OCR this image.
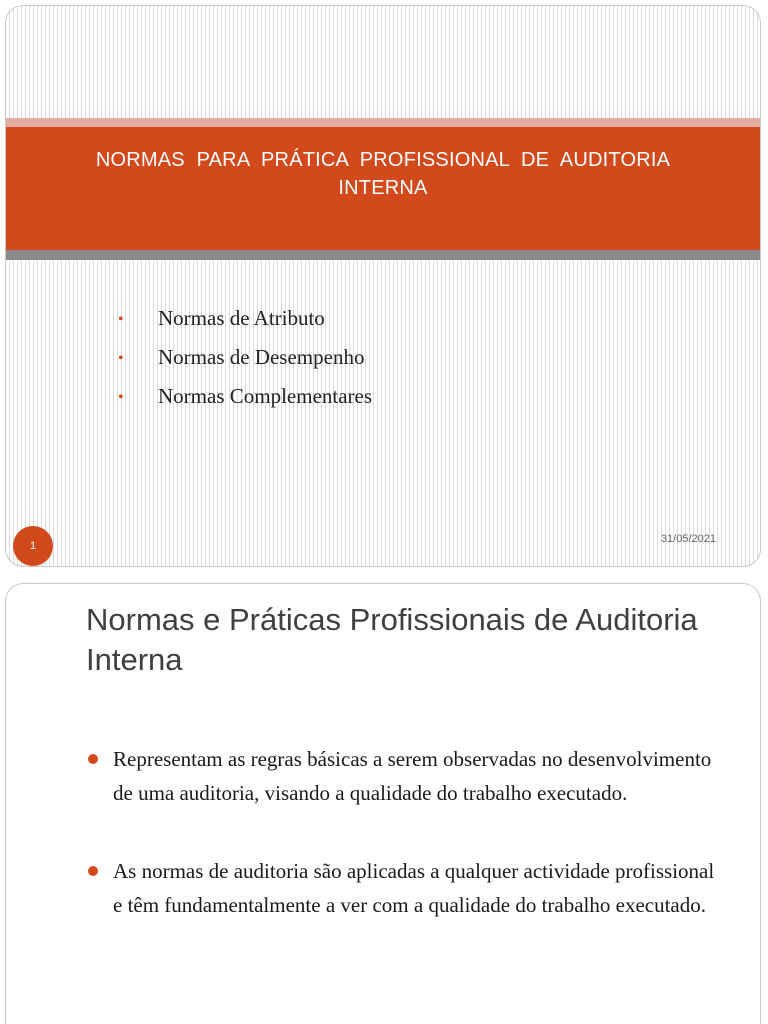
NORMAS PARA PRÁTICA PROFISSIONAL DE AUDITORIA INTERNA
• Normas de Atributo
• Normas de Desempenho
• Normas Complementares
1
31/05/2021
Normas e Práticas Profissionais de Auditoria Interna
Representam as regras básicas a serem observadas no desenvolvimento de uma auditoria, visando a qualidade do trabalho executado.
As normas de auditoria são aplicadas a qualquer actividade profissional e têm fundamentalmente a ver com a qualidade do trabalho executado.
